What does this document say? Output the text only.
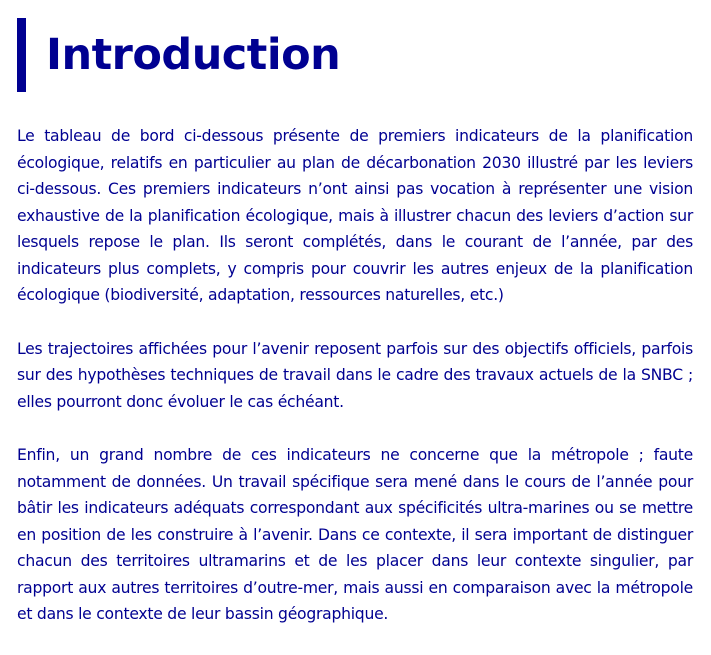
Introduction

Le tableau de bord ci-dessous présente de premiers indicateurs de la planification écologique, relatifs en particulier au plan de décarbonation 2030 illustré par les leviers ci-dessous. Ces premiers indicateurs n’ont ainsi pas vocation à représenter une vision exhaustive de la planification écologique, mais à illustrer chacun des leviers d’action sur lesquels repose le plan. Ils seront complétés, dans le courant de l’année, par des indicateurs plus complets, y compris pour couvrir les autres enjeux de la planification écologique (biodiversité, adaptation, ressources naturelles, etc.)

Les trajectoires affichées pour l’avenir reposent parfois sur des objectifs officiels, parfois sur des hypothèses techniques de travail dans le cadre des travaux actuels de la SNBC ; elles pourront donc évoluer le cas échéant.

Enfin, un grand nombre de ces indicateurs ne concerne que la métropole ; faute notamment de données. Un travail spécifique sera mené dans le cours de l’année pour bâtir les indicateurs adéquats correspondant aux spécificités ultra-marines ou se mettre en position de les construire à l’avenir. Dans ce contexte, il sera important de distinguer chacun des territoires ultramarins et de les placer dans leur contexte singulier, par rapport aux autres territoires d’outre-mer, mais aussi en comparaison avec la métropole et dans le contexte de leur bassin géographique.
